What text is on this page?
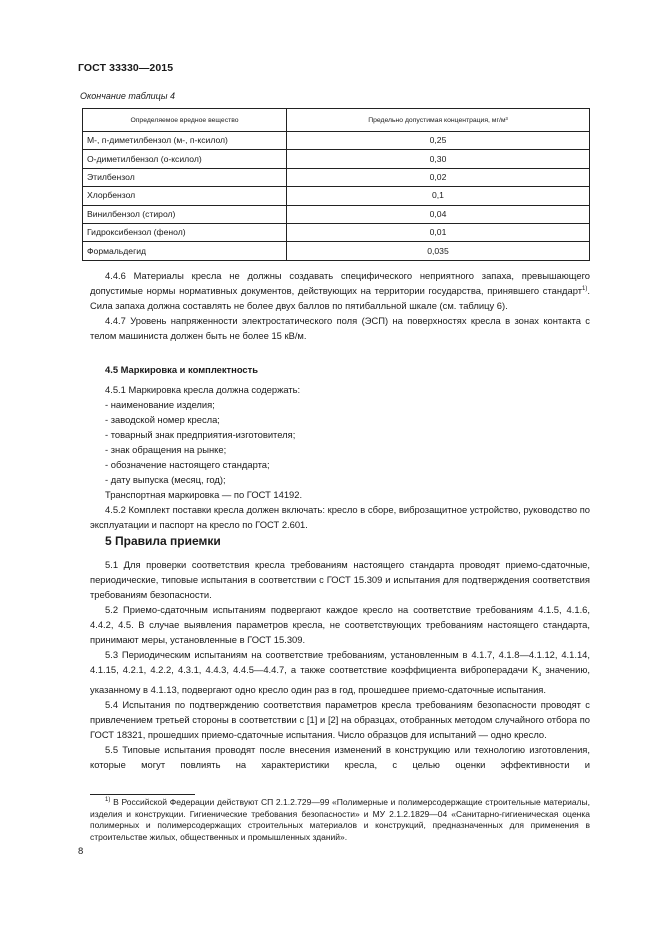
ГОСТ 33330—2015
Окончание таблицы 4
Определяемое вредное вещество	Предельно допустимая концентрация, мг/м³
М-, п-диметилбензол (м-, п-ксилол)	0,25
О-диметилбензол (о-ксилол)	0,30
Этилбензол	0,02
Хлорбензол	0,1
Винилбензол (стирол)	0,04
Гидроксибензол (фенол)	0,01
Формальдегид	0,035

4.4.6 Материалы кресла не должны создавать специфического неприятного запаха, превышающего допустимые нормы нормативных документов, действующих на территории государства, принявшего стандарт$^{1)}$. Сила запаха должна составлять не более двух баллов по пятибалльной шкале (см. таблицу 6).

4.4.7 Уровень напряженности электростатического поля (ЭСП) на поверхностях кресла в зонах контакта с телом машиниста должен быть не более 15 кВ/м.

4.5 Маркировка и комплектность

4.5.1 Маркировка кресла должна содержать:

- наименование изделия;

- заводской номер кресла;

- товарный знак предприятия-изготовителя;

- знак обращения на рынке;

- обозначение настоящего стандарта;

- дату выпуска (месяц, год);

Транспортная маркировка — по ГОСТ 14192.

4.5.2 Комплект поставки кресла должен включать: кресло в сборе, виброзащитное устройство, руководство по эксплуатации и паспорт на кресло по ГОСТ 2.601.

5 Правила приемки

5.1 Для проверки соответствия кресла требованиям настоящего стандарта проводят приемо-сдаточные, периодические, типовые испытания в соответствии с ГОСТ 15.309 и испытания для подтверждения соответствия требованиям безопасности.

5.2 Приемо-сдаточным испытаниям подвергают каждое кресло на соответствие требованиям 4.1.5, 4.1.6, 4.4.2, 4.5. В случае выявления параметров кресла, не соответствующих требованиям настоящего стандарта, принимают меры, установленные в ГОСТ 15.309.

5.3 Периодическим испытаниям на соответствие требованиям, установленным в 4.1.7, 4.1.8—4.1.12, 4.1.14, 4.1.15, 4.2.1, 4.2.2, 4.3.1, 4.4.3, 4.4.5—4.4.7, а также соответствие коэффициента виброперадачи $K_з$ значению, указанному в 4.1.13, подвергают одно кресло один раз в год, прошедшее приемо-сдаточные испытания.

5.4 Испытания по подтверждению соответствия параметров кресла требованиям безопасности проводят с привлечением третьей стороны в соответствии с [1] и [2] на образцах, отобранных методом случайного отбора по ГОСТ 18321, прошедших приемо-сдаточные испытания. Число образцов для испытаний — одно кресло.

5.5 Типовые испытания проводят после внесения изменений в конструкцию или технологию изготовления, которые могут повлиять на характеристики кресла, с целью оценки эффективности и

$^{1)}$ В Российской Федерации действуют СП 2.1.2.729—99 «Полимерные и полимерсодержащие строительные материалы, изделия и конструкции. Гигиенические требования безопасности» и МУ 2.1.2.1829—04 «Санитарно-гигиеническая оценка полимерных и полимерсодержащих строительных материалов и конструкций, предназначенных для применения в строительстве жилых, общественных и промышленных зданий».
8
